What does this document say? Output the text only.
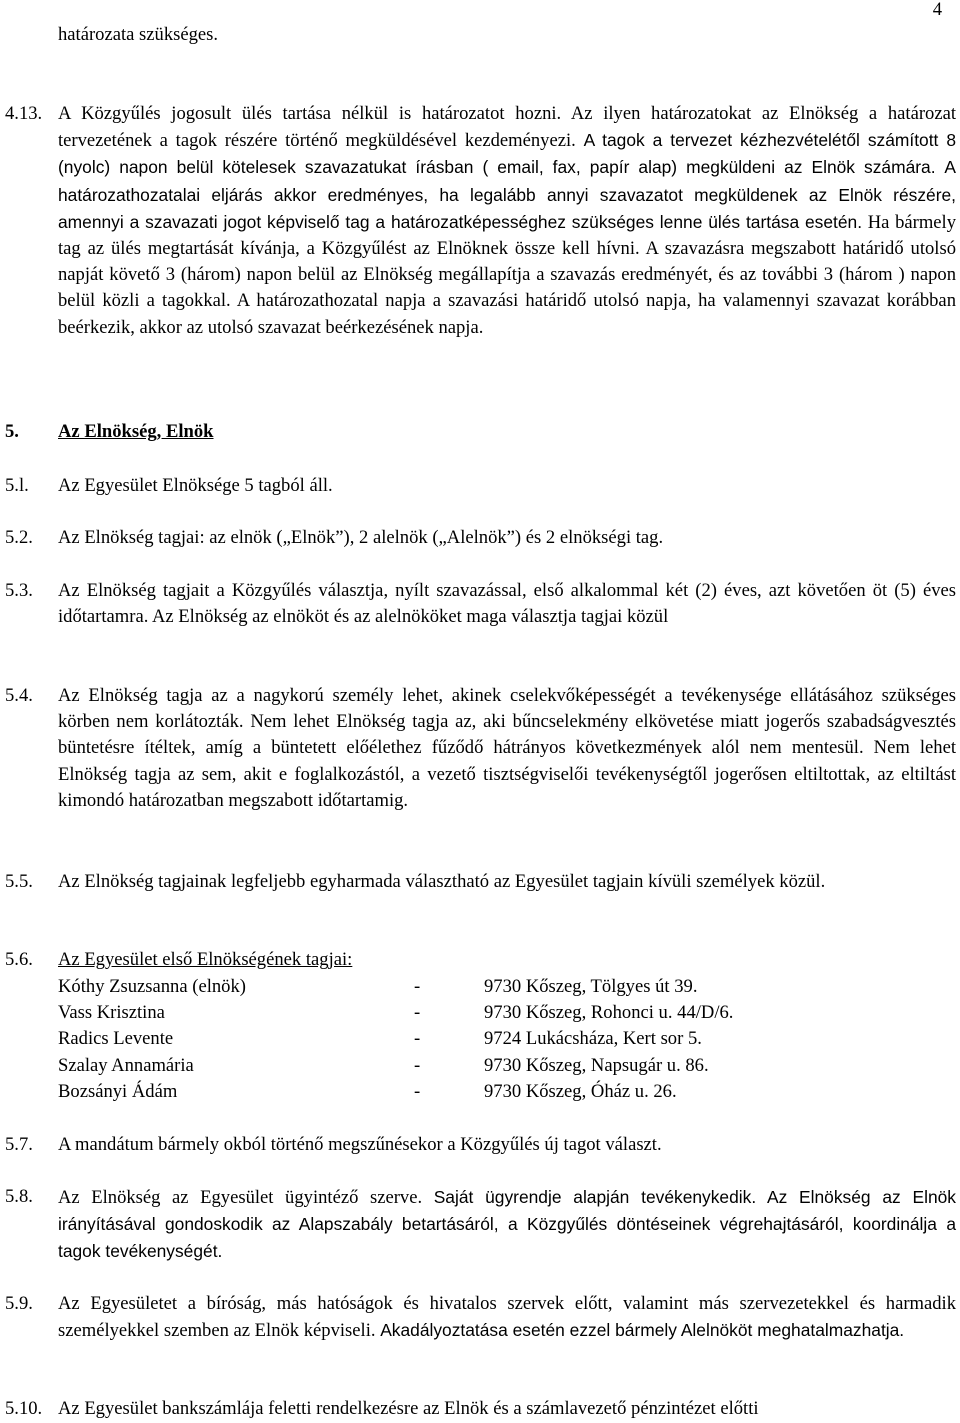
4
határozata szükséges.
4.13. A Közgyűlés jogosult ülés tartása nélkül is határozatot hozni. Az ilyen határozatokat az Elnökség a határozat tervezetének a tagok részére történő megküldésével kezdeményezi. A tagok a tervezet kézhezvételétől számított 8 (nyolc) napon belül kötelesek szavazatukat írásban ( email, fax, papír alap) megküldeni az Elnök számára. A határozathozatalai eljárás akkor eredményes, ha legalább annyi szavazatot megküldenek az Elnök részére, amennyi a szavazati jogot képviselő tag a határozatképességhez szükséges lenne ülés tartása esetén. Ha bármely tag az ülés megtartását kívánja, a Közgyűlést az Elnöknek össze kell hívni. A szavazásra megszabott határidő utolsó napját követő 3 (három) napon belül az Elnökség megállapítja a szavazás eredményét, és az további 3 (három ) napon belül közli a tagokkal. A határozathozatal napja a szavazási határidő utolsó napja, ha valamennyi szavazat korábban beérkezik, akkor az utolsó szavazat beérkezésének napja.
5.	Az Elnökség, Elnök
5.l.	Az Egyesület Elnöksége 5 tagból áll.
5.2.	Az Elnökség tagjai: az elnök („Elnök”), 2 alelnök („Alelnök”) és 2 elnökségi tag.
5.3.	Az Elnökség tagjait a Közgyűlés választja, nyílt szavazással, első alkalommal két (2) éves, azt követően öt (5) éves időtartamra. Az Elnökség az elnököt és az alelnököket maga választja tagjai közül
5.4.	Az Elnökség tagja az a nagykorú személy lehet, akinek cselekvőképességét a tevékenysége ellátásához szükséges körben nem korlátozták. Nem lehet Elnökség tagja az, aki bűncselekmény elkövetése miatt jogerős szabadságvesztés büntetésre ítéltek, amíg a büntetett előélethez fűződő hátrányos következmények alól nem mentesül. Nem lehet Elnökség tagja az sem, akit e foglalkozástól, a vezető tisztségviselői tevékenységtől jogerősen eltiltottak, az eltiltást kimondó határozatban megszabott időtartamig.
5.5.	Az Elnökség tagjainak legfeljebb egyharmada választható az Egyesület tagjain kívüli személyek közül.
5.6.	Az Egyesület első Elnökségének tagjai:
Kóthy Zsuzsanna (elnök)	-	9730 Kőszeg, Tölgyes út 39.
Vass Krisztina	-	9730 Kőszeg, Rohonci u. 44/D/6.
Radics Levente	-	9724 Lukácsháza, Kert sor 5.
Szalay Annamária	-	9730 Kőszeg, Napsugár u. 86.
Bozsányi Ádám	-	9730 Kőszeg, Óház u. 26.
5.7.	A mandátum bármely okból történő megszűnésekor a Közgyűlés új tagot választ.
5.8.	Az Elnökség az Egyesület ügyintéző szerve. Saját ügyrendje alapján tevékenykedik. Az Elnökség az Elnök irányításával gondoskodik az Alapszabály betartásáról, a Közgyűlés döntéseinek végrehajtásáról, koordinálja a tagok tevékenységét.
5.9.	Az Egyesületet a bíróság, más hatóságok és hivatalos szervek előtt, valamint más szervezetekkel és harmadik személyekkel szemben az Elnök képviseli. Akadályoztatása esetén ezzel bármely Alelnököt meghatalmazhatja.
5.10. Az Egyesület bankszámlája feletti rendelkezésre az Elnök és a számlavezető pénzintézet előtti
